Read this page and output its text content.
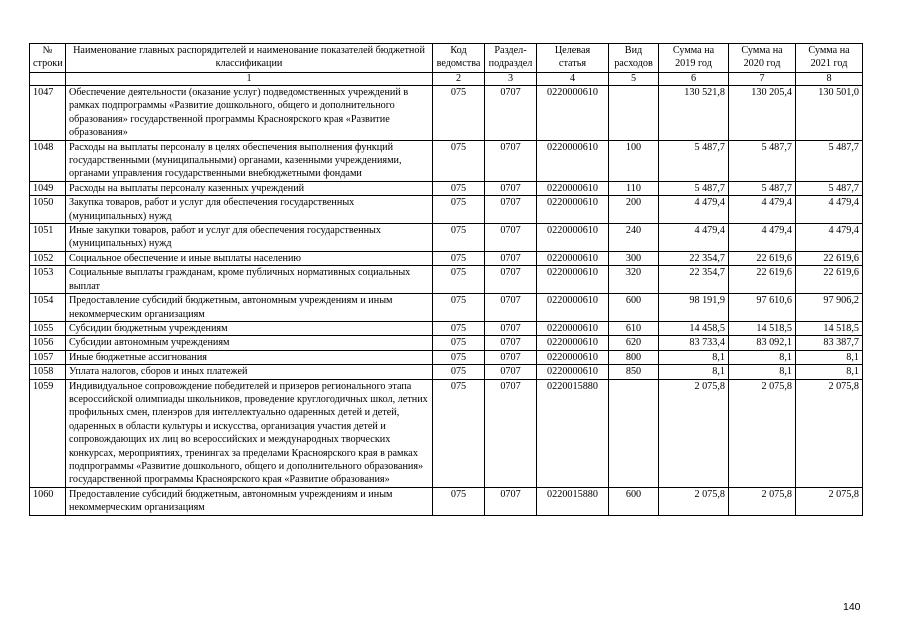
№ строки	Наименование главных распорядителей и наименование показателей бюджетной классификации	Код ведомства	Раздел- подраздел	Целевая статья	Вид расходов	Сумма на 2019 год	Сумма на 2020 год	Сумма на 2021 год
	1	2	3	4	5	6	7	8
1047	Обеспечение деятельности (оказание услуг) подведомственных учреждений в рамках подпрограммы «Развитие дошкольного, общего и дополнительного образования» государственной программы Красноярского края «Развитие образования»	075	0707	0220000610		130 521,8	130 205,4	130 501,0
1048	Расходы на выплаты персоналу в целях обеспечения выполнения функций государственными (муниципальными) органами, казенными учреждениями, органами управления государственными внебюджетными фондами	075	0707	0220000610	100	5 487,7	5 487,7	5 487,7
1049	Расходы на выплаты персоналу казенных учреждений	075	0707	0220000610	110	5 487,7	5 487,7	5 487,7
1050	Закупка товаров, работ и услуг для обеспечения государственных (муниципальных) нужд	075	0707	0220000610	200	4 479,4	4 479,4	4 479,4
1051	Иные закупки товаров, работ и услуг для обеспечения государственных (муниципальных) нужд	075	0707	0220000610	240	4 479,4	4 479,4	4 479,4
1052	Социальное обеспечение и иные выплаты населению	075	0707	0220000610	300	22 354,7	22 619,6	22 619,6
1053	Социальные выплаты гражданам, кроме публичных нормативных социальных выплат	075	0707	0220000610	320	22 354,7	22 619,6	22 619,6
1054	Предоставление субсидий бюджетным, автономным учреждениям и иным некоммерческим организациям	075	0707	0220000610	600	98 191,9	97 610,6	97 906,2
1055	Субсидии бюджетным учреждениям	075	0707	0220000610	610	14 458,5	14 518,5	14 518,5
1056	Субсидии автономным учреждениям	075	0707	0220000610	620	83 733,4	83 092,1	83 387,7
1057	Иные бюджетные ассигнования	075	0707	0220000610	800	8,1	8,1	8,1
1058	Уплата налогов, сборов и иных платежей	075	0707	0220000610	850	8,1	8,1	8,1
1059	Индивидуальное сопровождение победителей и призеров регионального этапа всероссийской олимпиады школьников, проведение круглогодичных школ, летних профильных смен, пленэров для интеллектуально одаренных детей и детей, одаренных в области культуры и искусства, организация участия детей и сопровождающих их лиц во всероссийских и международных творческих конкурсах, мероприятиях, тренингах за пределами Красноярского края в рамках подпрограммы «Развитие дошкольного, общего и дополнительного образования» государственной программы Красноярского края «Развитие образования»	075	0707	0220015880		2 075,8	2 075,8	2 075,8
1060	Предоставление субсидий бюджетным, автономным учреждениям и иным некоммерческим организациям	075	0707	0220015880	600	2 075,8	2 075,8	2 075,8
140
